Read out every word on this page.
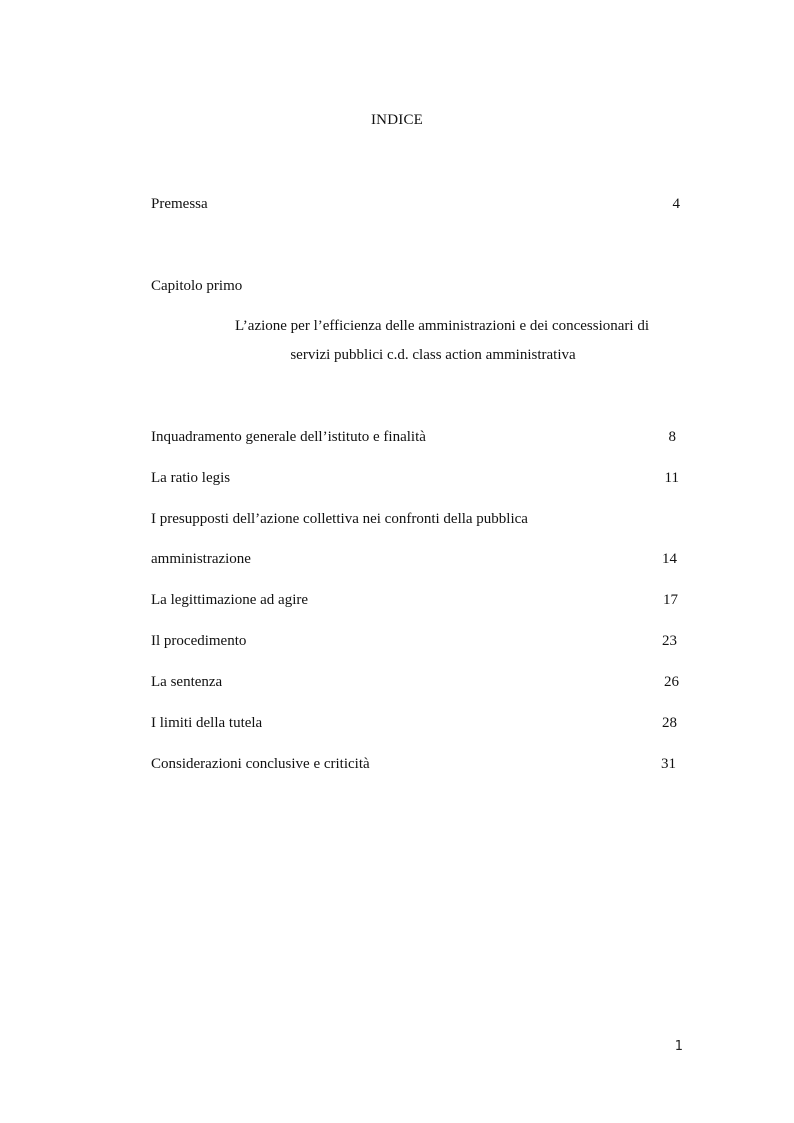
INDICE
Premessa	4
Capitolo primo
L’azione per l’efficienza delle amministrazioni e dei concessionari di
servizi pubblici c.d. class action amministrativa
Inquadramento generale dell’istituto e finalità	8
La ratio legis	11
I presupposti dell’azione collettiva nei confronti della pubblica
amministrazione	14
La legittimazione ad agire	17
Il procedimento	23
La sentenza	26
I limiti della tutela	28
Considerazioni conclusive e criticità	31
1
